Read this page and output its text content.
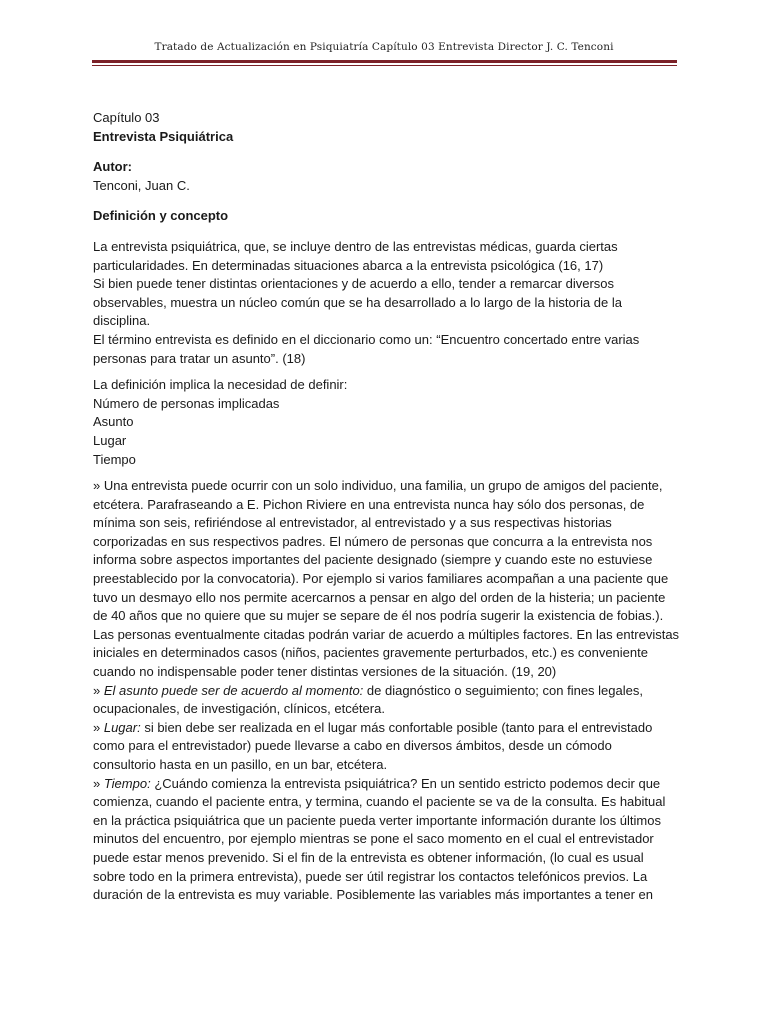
Tratado de Actualización en Psiquiatría Capítulo 03 Entrevista Director J. C. Tenconi

Capítulo 03

Entrevista Psiquiátrica

Autor:

Tenconi, Juan C.

Definición y concepto

La entrevista psiquiátrica, que, se incluye dentro de las entrevistas médicas, guarda ciertas

particularidades. En determinadas situaciones abarca a la entrevista psicológica (16, 17)

Si bien puede tener distintas orientaciones y de acuerdo a ello, tender a remarcar diversos

observables, muestra un núcleo común que se ha desarrollado a lo largo de la historia de la

disciplina.

El término entrevista es definido en el diccionario como un: “Encuentro concertado entre varias

personas para tratar un asunto”. (18)

La definición implica la necesidad de definir:

Número de personas implicadas

Asunto

Lugar

Tiempo

» Una entrevista puede ocurrir con un solo individuo, una familia, un grupo de amigos del paciente,

etcétera. Parafraseando a E. Pichon Riviere en una entrevista nunca hay sólo dos personas, de

mínima son seis, refiriéndose al entrevistador, al entrevistado y a sus respectivas historias

corporizadas en sus respectivos padres. El número de personas que concurra a la entrevista nos

informa sobre aspectos importantes del paciente designado (siempre y cuando este no estuviese

preestablecido por la convocatoria). Por ejemplo si varios familiares acompañan a una paciente que

tuvo un desmayo ello nos permite acercarnos a pensar en algo del orden de la histeria; un paciente

de 40 años que no quiere que su mujer se separe de él nos podría sugerir la existencia de fobias.).

Las personas eventualmente citadas podrán variar de acuerdo a múltiples factores. En las entrevistas

iniciales en determinados casos (niños, pacientes gravemente perturbados, etc.) es conveniente

cuando no indispensable poder tener distintas versiones de la situación. (19, 20)

» El asunto puede ser de acuerdo al momento: de diagnóstico o seguimiento; con fines legales,

ocupacionales, de investigación, clínicos, etcétera.

» Lugar: si bien debe ser realizada en el lugar más confortable posible (tanto para el entrevistado

como para el entrevistador) puede llevarse a cabo en diversos ámbitos, desde un cómodo

consultorio hasta en un pasillo, en un bar, etcétera.

» Tiempo: ¿Cuándo comienza la entrevista psiquiátrica? En un sentido estricto podemos decir que

comienza, cuando el paciente entra, y termina, cuando el paciente se va de la consulta. Es habitual

en la práctica psiquiátrica que un paciente pueda verter importante información durante los últimos

minutos del encuentro, por ejemplo mientras se pone el saco momento en el cual el entrevistador

puede estar menos prevenido. Si el fin de la entrevista es obtener información, (lo cual es usual

sobre todo en la primera entrevista), puede ser útil registrar los contactos telefónicos previos. La

duración de la entrevista es muy variable. Posiblemente las variables más importantes a tener en
